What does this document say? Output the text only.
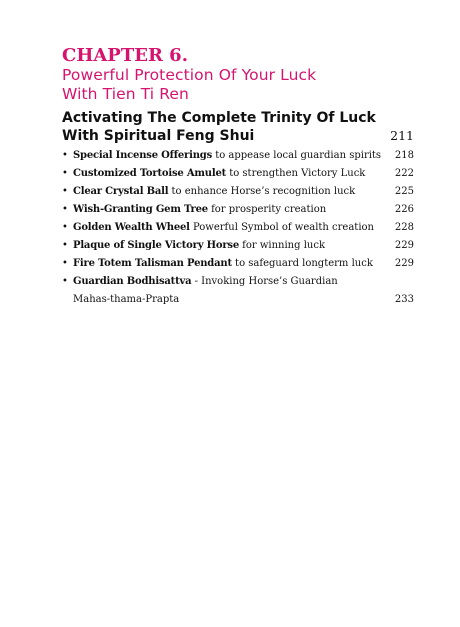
CHAPTER 6.
Powerful Protection Of Your Luck
With Tien Ti Ren
Activating The Complete Trinity Of Luck
With Spiritual Feng Shui	211
• Special Incense Offerings to appease local guardian spirits	218
• Customized Tortoise Amulet to strengthen Victory Luck	222
• Clear Crystal Ball to enhance Horse’s recognition luck	225
• Wish-Granting Gem Tree for prosperity creation	226
• Golden Wealth Wheel Powerful Symbol of wealth creation	228
• Plaque of Single Victory Horse for winning luck	229
• Fire Totem Talisman Pendant to safeguard longterm luck	229
• Guardian Bodhisattva - Invoking Horse’s Guardian
Mahas-thama-Prapta	233
